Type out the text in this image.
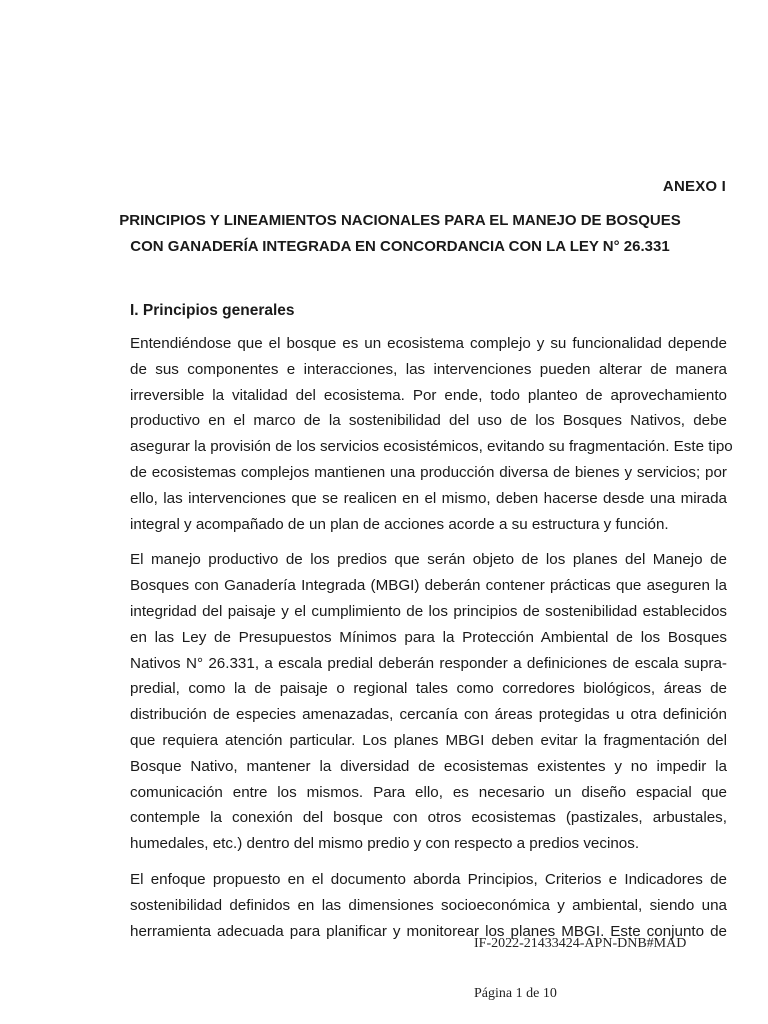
ANEXO I
PRINCIPIOS Y LINEAMIENTOS NACIONALES PARA EL MANEJO DE BOSQUES
CON GANADERÍA INTEGRADA EN CONCORDANCIA CON LA LEY N° 26.331
I. Principios generales
Entendiéndose que el bosque es un ecosistema complejo y su funcionalidad depende
de sus componentes e interacciones, las intervenciones pueden alterar de manera
irreversible la vitalidad del ecosistema. Por ende, todo planteo de aprovechamiento
productivo en el marco de la sostenibilidad del uso de los Bosques Nativos, debe
asegurar la provisión de los servicios ecosistémicos, evitando su fragmentación. Este tipo
de ecosistemas complejos mantienen una producción diversa de bienes y servicios; por
ello, las intervenciones que se realicen en el mismo, deben hacerse desde una mirada
integral y acompañado de un plan de acciones acorde a su estructura y función.
El manejo productivo de los predios que serán objeto de los planes del Manejo de
Bosques con Ganadería Integrada (MBGI) deberán contener prácticas que aseguren la
integridad del paisaje y el cumplimiento de los principios de sostenibilidad establecidos
en las Ley de Presupuestos Mínimos para la Protección Ambiental de los Bosques
Nativos N° 26.331, a escala predial deberán responder a definiciones de escala supra-
predial, como la de paisaje o regional tales como corredores biológicos, áreas de
distribución de especies amenazadas, cercanía con áreas protegidas u otra definición
que requiera atención particular. Los planes MBGI deben evitar la fragmentación del
Bosque Nativo, mantener la diversidad de ecosistemas existentes y no impedir la
comunicación entre los mismos. Para ello, es necesario un diseño espacial que
contemple la conexión del bosque con otros ecosistemas (pastizales, arbustales,
humedales, etc.) dentro del mismo predio y con respecto a predios vecinos.
El enfoque propuesto en el documento aborda Principios, Criterios e Indicadores de
sostenibilidad definidos en las dimensiones socioeconómica y ambiental, siendo una
herramienta adecuada para planificar y monitorear los planes MBGI. Este conjunto de
IF-2022-21433424-APN-DNB#MAD
Página 1 de 10
